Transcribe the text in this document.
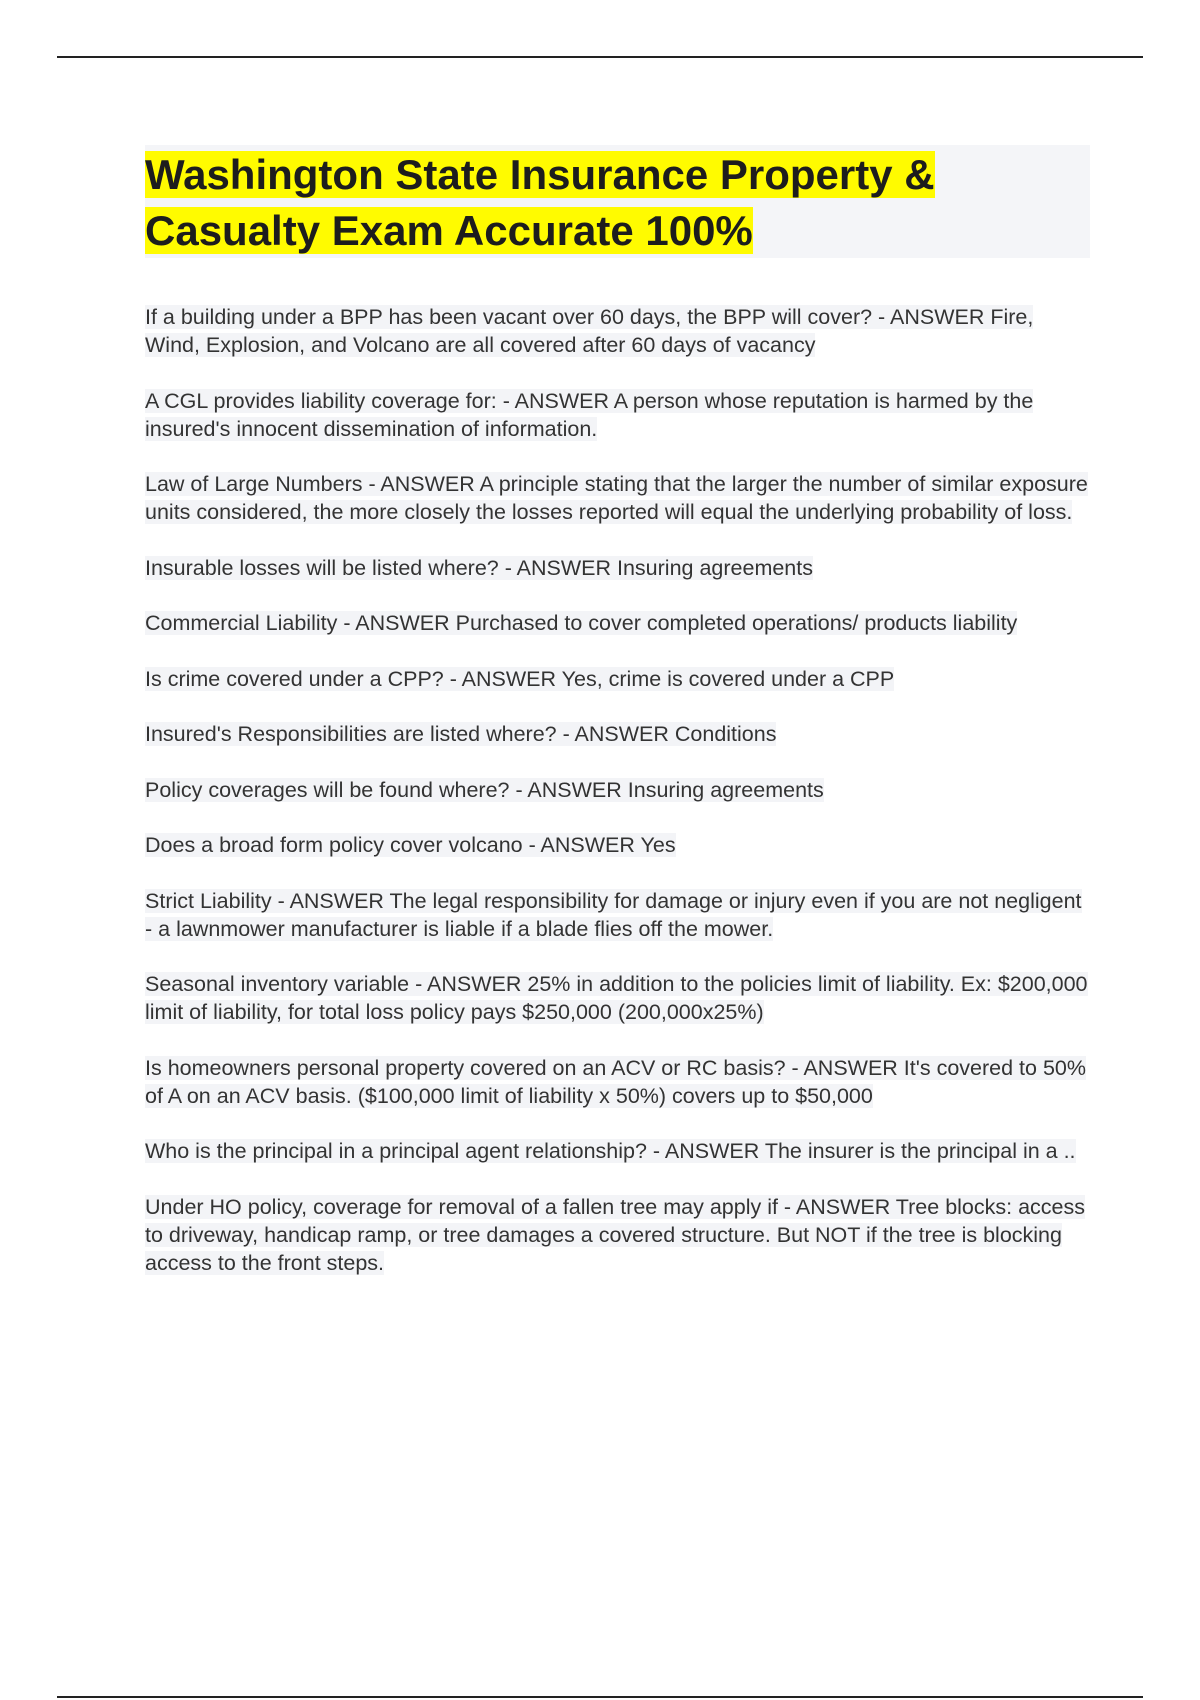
Washington State Insurance Property &
Casualty Exam Accurate 100%
If a building under a BPP has been vacant over 60 days, the BPP will cover? - ANSWER Fire, Wind, Explosion, and Volcano are all covered after 60 days of vacancy
A CGL provides liability coverage for: - ANSWER A person whose reputation is harmed by the insured's innocent dissemination of information.
Law of Large Numbers - ANSWER A principle stating that the larger the number of similar exposure units considered, the more closely the losses reported will equal the underlying probability of loss.
Insurable losses will be listed where? - ANSWER Insuring agreements
Commercial Liability - ANSWER Purchased to cover completed operations/ products liability
Is crime covered under a CPP? - ANSWER Yes, crime is covered under a CPP
Insured's Responsibilities are listed where? - ANSWER Conditions
Policy coverages will be found where? - ANSWER Insuring agreements
Does a broad form policy cover volcano - ANSWER Yes
Strict Liability - ANSWER The legal responsibility for damage or injury even if you are not negligent - a lawnmower manufacturer is liable if a blade flies off the mower.
Seasonal inventory variable - ANSWER 25% in addition to the policies limit of liability. Ex: $200,000 limit of liability, for total loss policy pays $250,000 (200,000x25%)
Is homeowners personal property covered on an ACV or RC basis? - ANSWER It's covered to 50% of A on an ACV basis. ($100,000 limit of liability x 50%) covers up to $50,000
Who is the principal in a principal agent relationship? - ANSWER The insurer is the principal in a ..
Under HO policy, coverage for removal of a fallen tree may apply if - ANSWER Tree blocks: access to driveway, handicap ramp, or tree damages a covered structure. But NOT if the tree is blocking access to the front steps.
